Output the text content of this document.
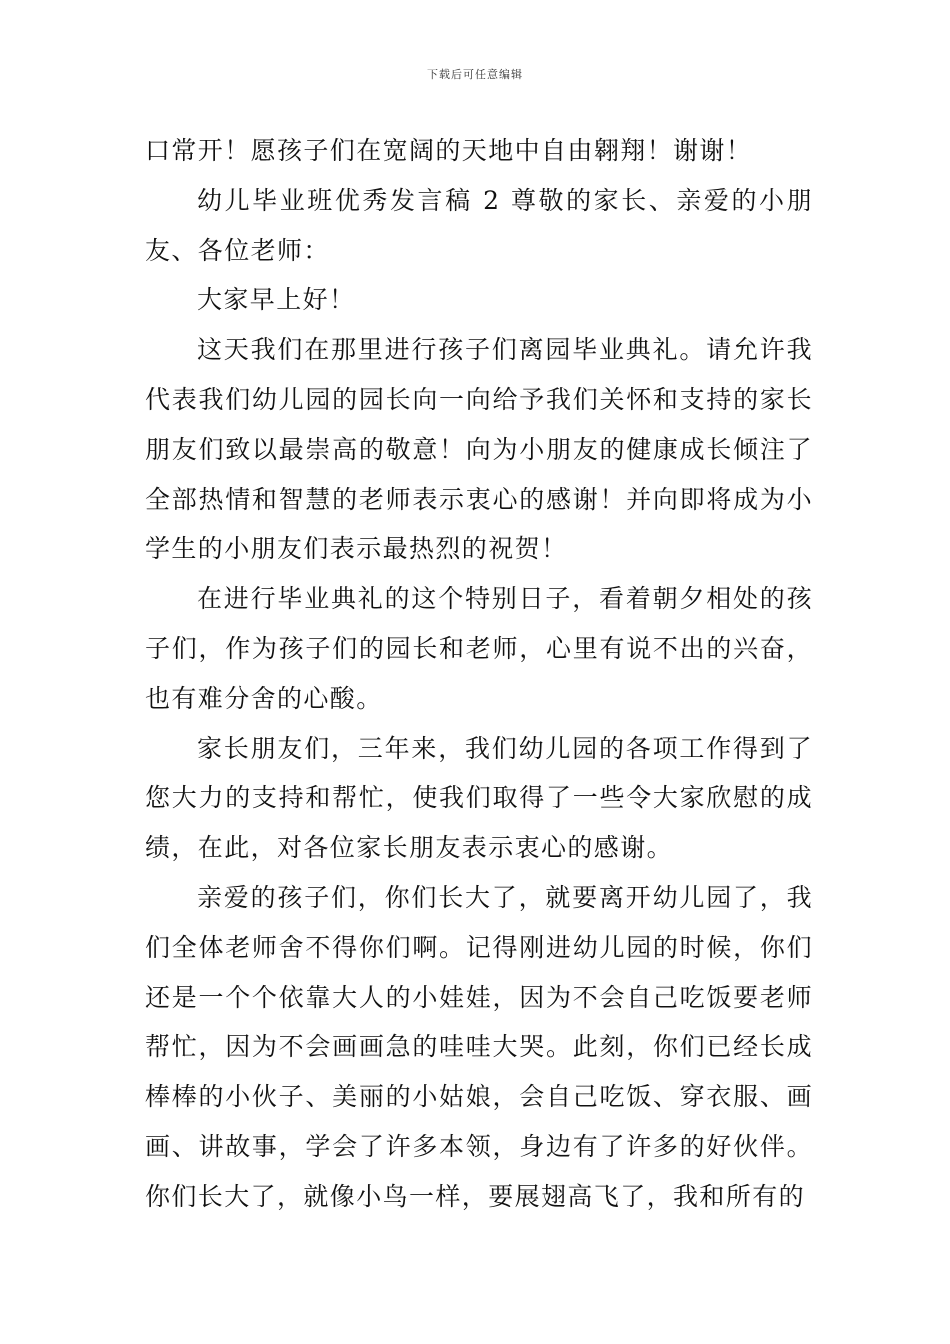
下载后可任意编辑

口常开！愿孩子们在宽阔的天地中自由翱翔！谢谢！

幼儿毕业班优秀发言稿 2 尊敬的家长、亲爱的小朋友、各位老师：

大家早上好！

这天我们在那里进行孩子们离园毕业典礼。请允许我代表我们幼儿园的园长向一向给予我们关怀和支持的家长朋友们致以最崇高的敬意！向为小朋友的健康成长倾注了全部热情和智慧的老师表示衷心的感谢！并向即将成为小学生的小朋友们表示最热烈的祝贺！

在进行毕业典礼的这个特别日子，看着朝夕相处的孩子们，作为孩子们的园长和老师，心里有说不出的兴奋，也有难分舍的心酸。

家长朋友们，三年来，我们幼儿园的各项工作得到了您大力的支持和帮忙，使我们取得了一些令大家欣慰的成绩，在此，对各位家长朋友表示衷心的感谢。

亲爱的孩子们，你们长大了，就要离开幼儿园了，我们全体老师舍不得你们啊。记得刚进幼儿园的时候，你们还是一个个依靠大人的小娃娃，因为不会自己吃饭要老师帮忙，因为不会画画急的哇哇大哭。此刻，你们已经长成棒棒的小伙子、美丽的小姑娘，会自己吃饭、穿衣服、画画、讲故事，学会了许多本领，身边有了许多的好伙伴。你们长大了，就像小鸟一样，要展翅高飞了，我和所有的
